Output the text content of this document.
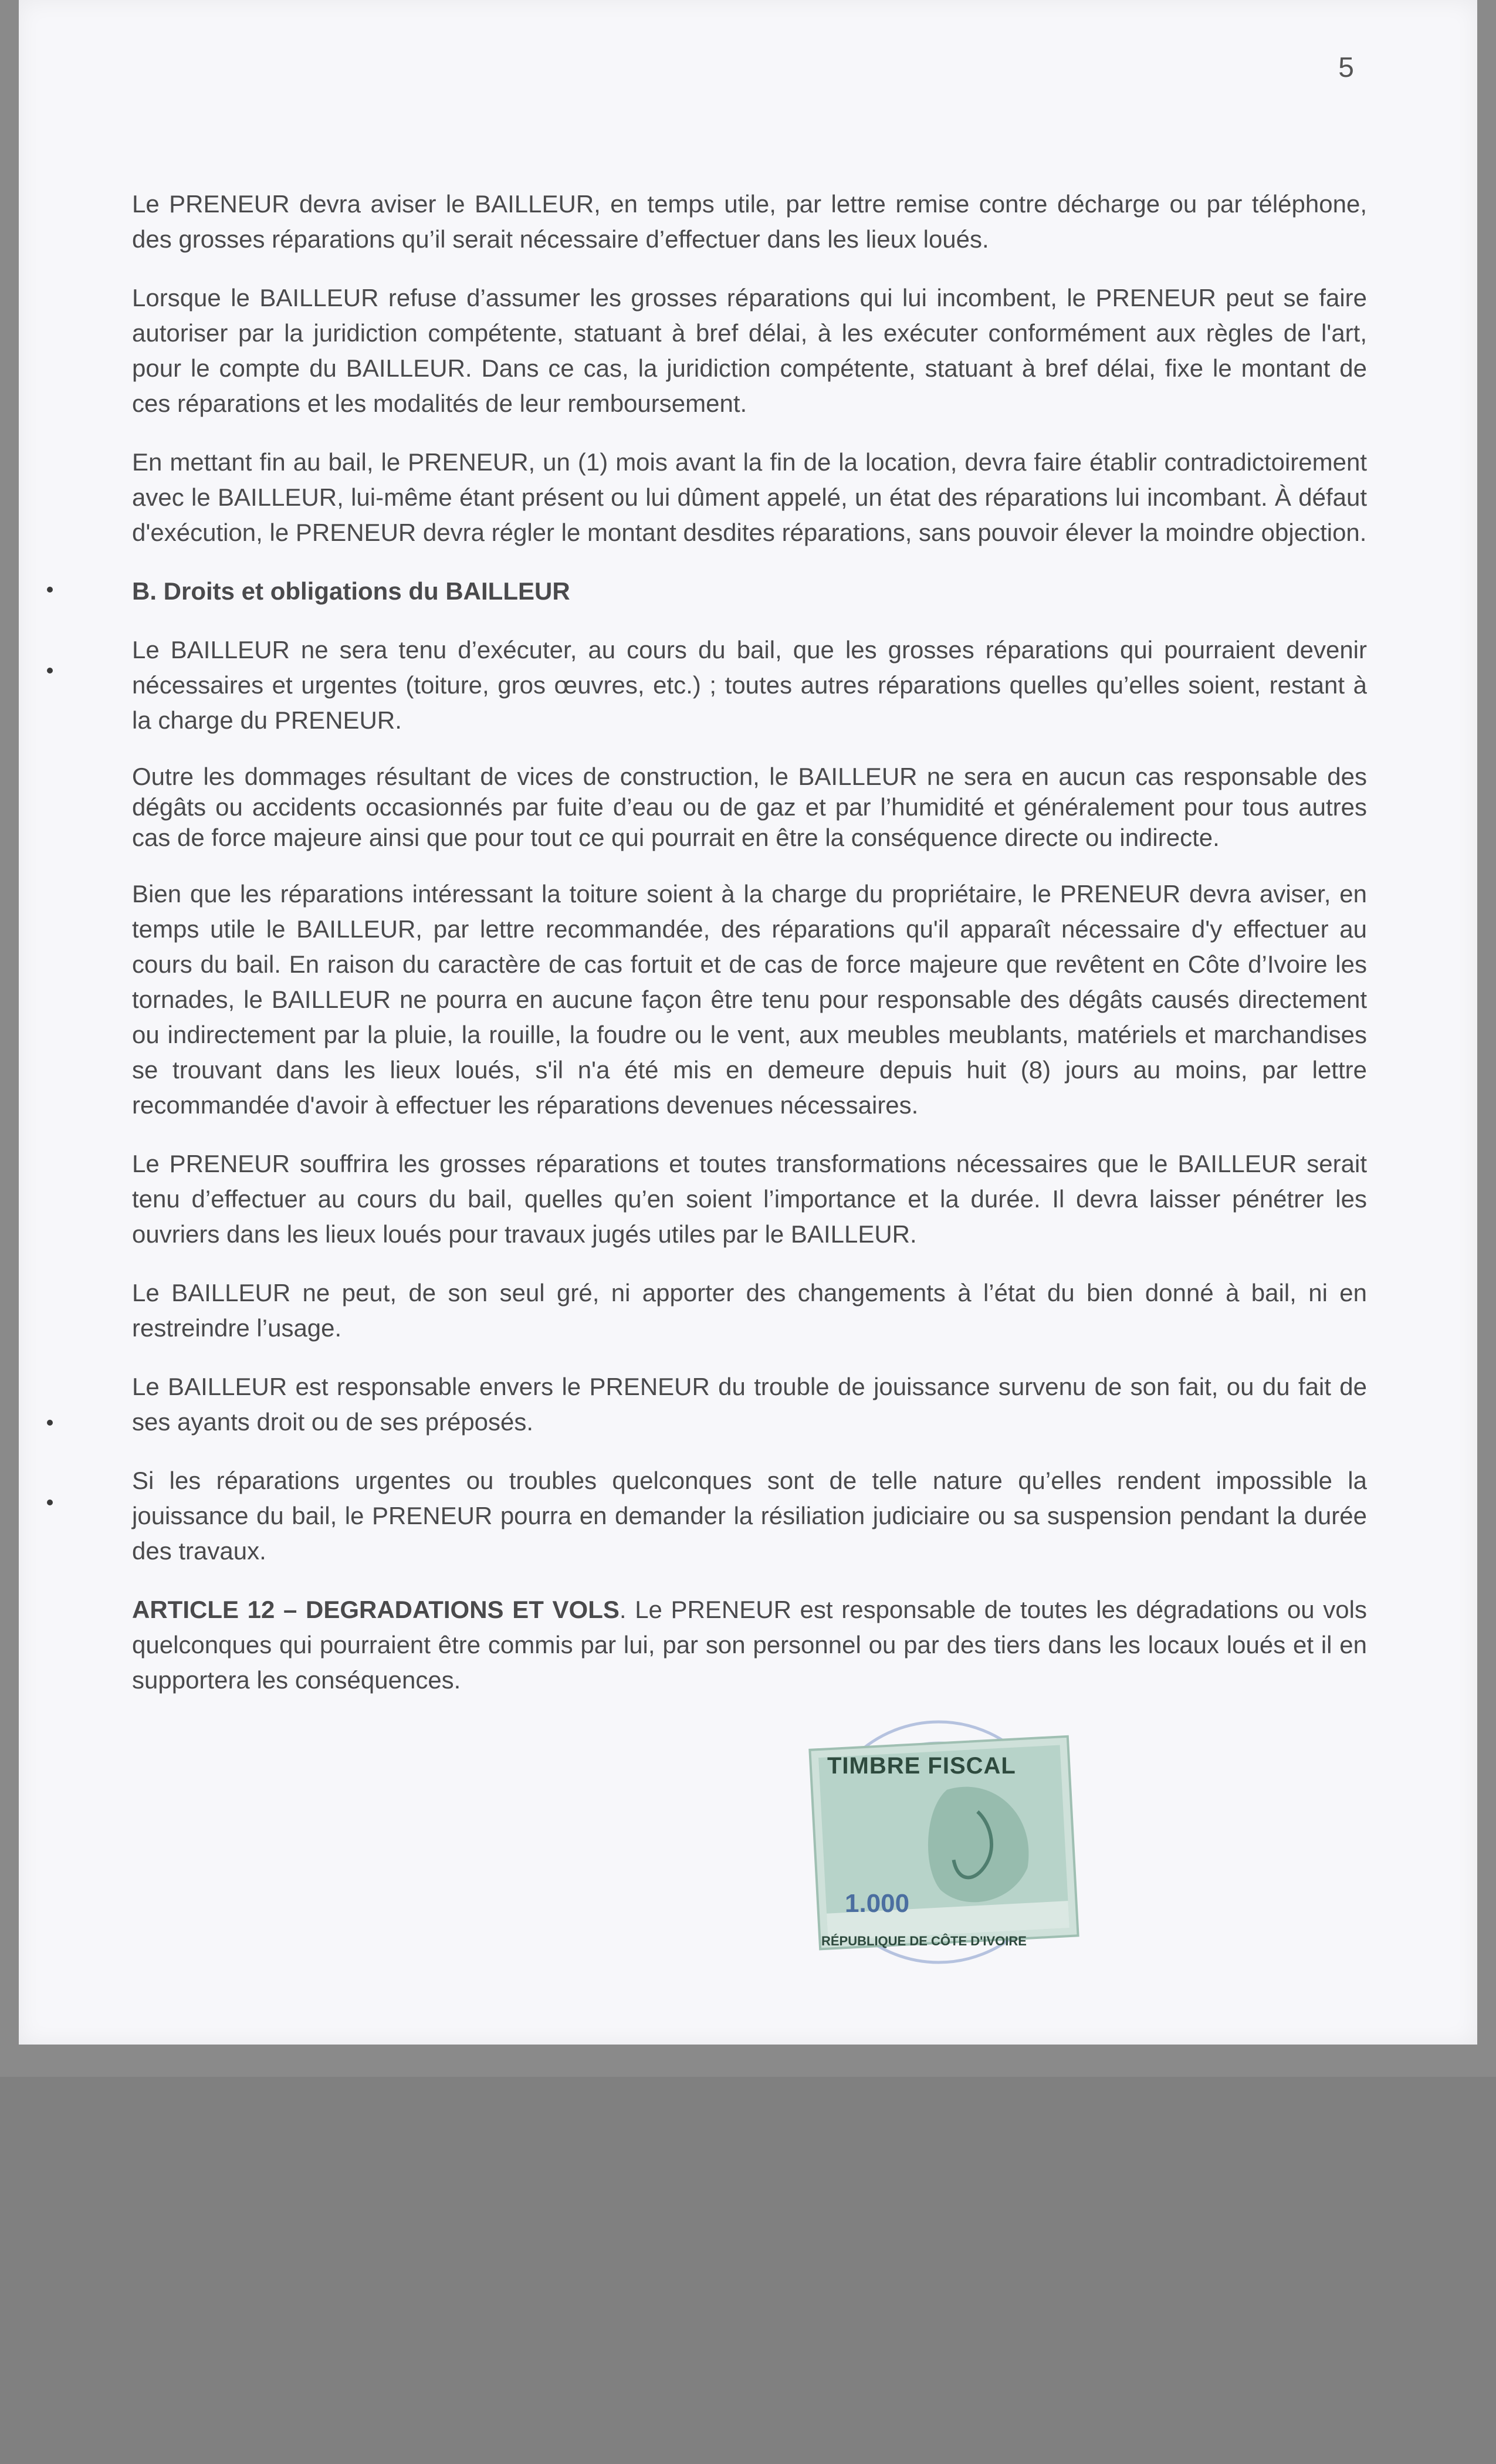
5

Le PRENEUR devra aviser le BAILLEUR, en temps utile, par lettre remise contre décharge ou par téléphone, des grosses réparations qu’il serait nécessaire d’effectuer dans les lieux loués.

Lorsque le BAILLEUR refuse d’assumer les grosses réparations qui lui incombent, le PRENEUR peut se faire autoriser par la juridiction compétente, statuant à bref délai, à les exécuter conformément aux règles de l'art, pour le compte du BAILLEUR. Dans ce cas, la juridiction compétente, statuant à bref délai, fixe le montant de ces réparations et les modalités de leur remboursement.

En mettant fin au bail, le PRENEUR, un (1) mois avant la fin de la location, devra faire établir contradictoirement avec le BAILLEUR, lui-même étant présent ou lui dûment appelé, un état des réparations lui incombant. À défaut d'exécution, le PRENEUR devra régler le montant desdites réparations, sans pouvoir élever la moindre objection.

B. Droits et obligations du BAILLEUR

Le BAILLEUR ne sera tenu d’exécuter, au cours du bail, que les grosses réparations qui pourraient devenir nécessaires et urgentes (toiture, gros œuvres, etc.) ; toutes autres réparations quelles qu’elles soient, restant à la charge du PRENEUR.

Outre les dommages résultant de vices de construction, le BAILLEUR ne sera en aucun cas responsable des dégâts ou accidents occasionnés par fuite d’eau ou de gaz et par l’humidité et généralement pour tous autres cas de force majeure ainsi que pour tout ce qui pourrait en être la conséquence directe ou indirecte.

Bien que les réparations intéressant la toiture soient à la charge du propriétaire, le PRENEUR devra aviser, en temps utile le BAILLEUR, par lettre recommandée, des réparations qu'il apparaît nécessaire d'y effectuer au cours du bail. En raison du caractère de cas fortuit et de cas de force majeure que revêtent en Côte d’Ivoire les tornades, le BAILLEUR ne pourra en aucune façon être tenu pour responsable des dégâts causés directement ou indirectement par la pluie, la rouille, la foudre ou le vent, aux meubles meublants, matériels et marchandises se trouvant dans les lieux loués, s'il n'a été mis en demeure depuis huit (8) jours au moins, par lettre recommandée d'avoir à effectuer les réparations devenues nécessaires.

Le PRENEUR souffrira les grosses réparations et toutes transformations nécessaires que le BAILLEUR serait tenu d’effectuer au cours du bail, quelles qu’en soient l’importance et la durée. Il devra laisser pénétrer les ouvriers dans les lieux loués pour travaux jugés utiles par le BAILLEUR.

Le BAILLEUR ne peut, de son seul gré, ni apporter des changements à l’état du bien donné à bail, ni en restreindre l’usage.

Le BAILLEUR est responsable envers le PRENEUR du trouble de jouissance survenu de son fait, ou du fait de ses ayants droit ou de ses préposés.

Si les réparations urgentes ou troubles quelconques sont de telle nature qu’elles rendent impossible la jouissance du bail, le PRENEUR pourra en demander la résiliation judiciaire ou sa suspension pendant la durée des travaux.

ARTICLE 12 – DEGRADATIONS ET VOLS. Le PRENEUR est responsable de toutes les dégradations ou vols quelconques qui pourraient être commis par lui, par son personnel ou par des tiers dans les locaux loués et il en supportera les conséquences.

TIMBRE FISCAL
1.000
RÉPUBLIQUE DE CÔTE D'IVOIRE
